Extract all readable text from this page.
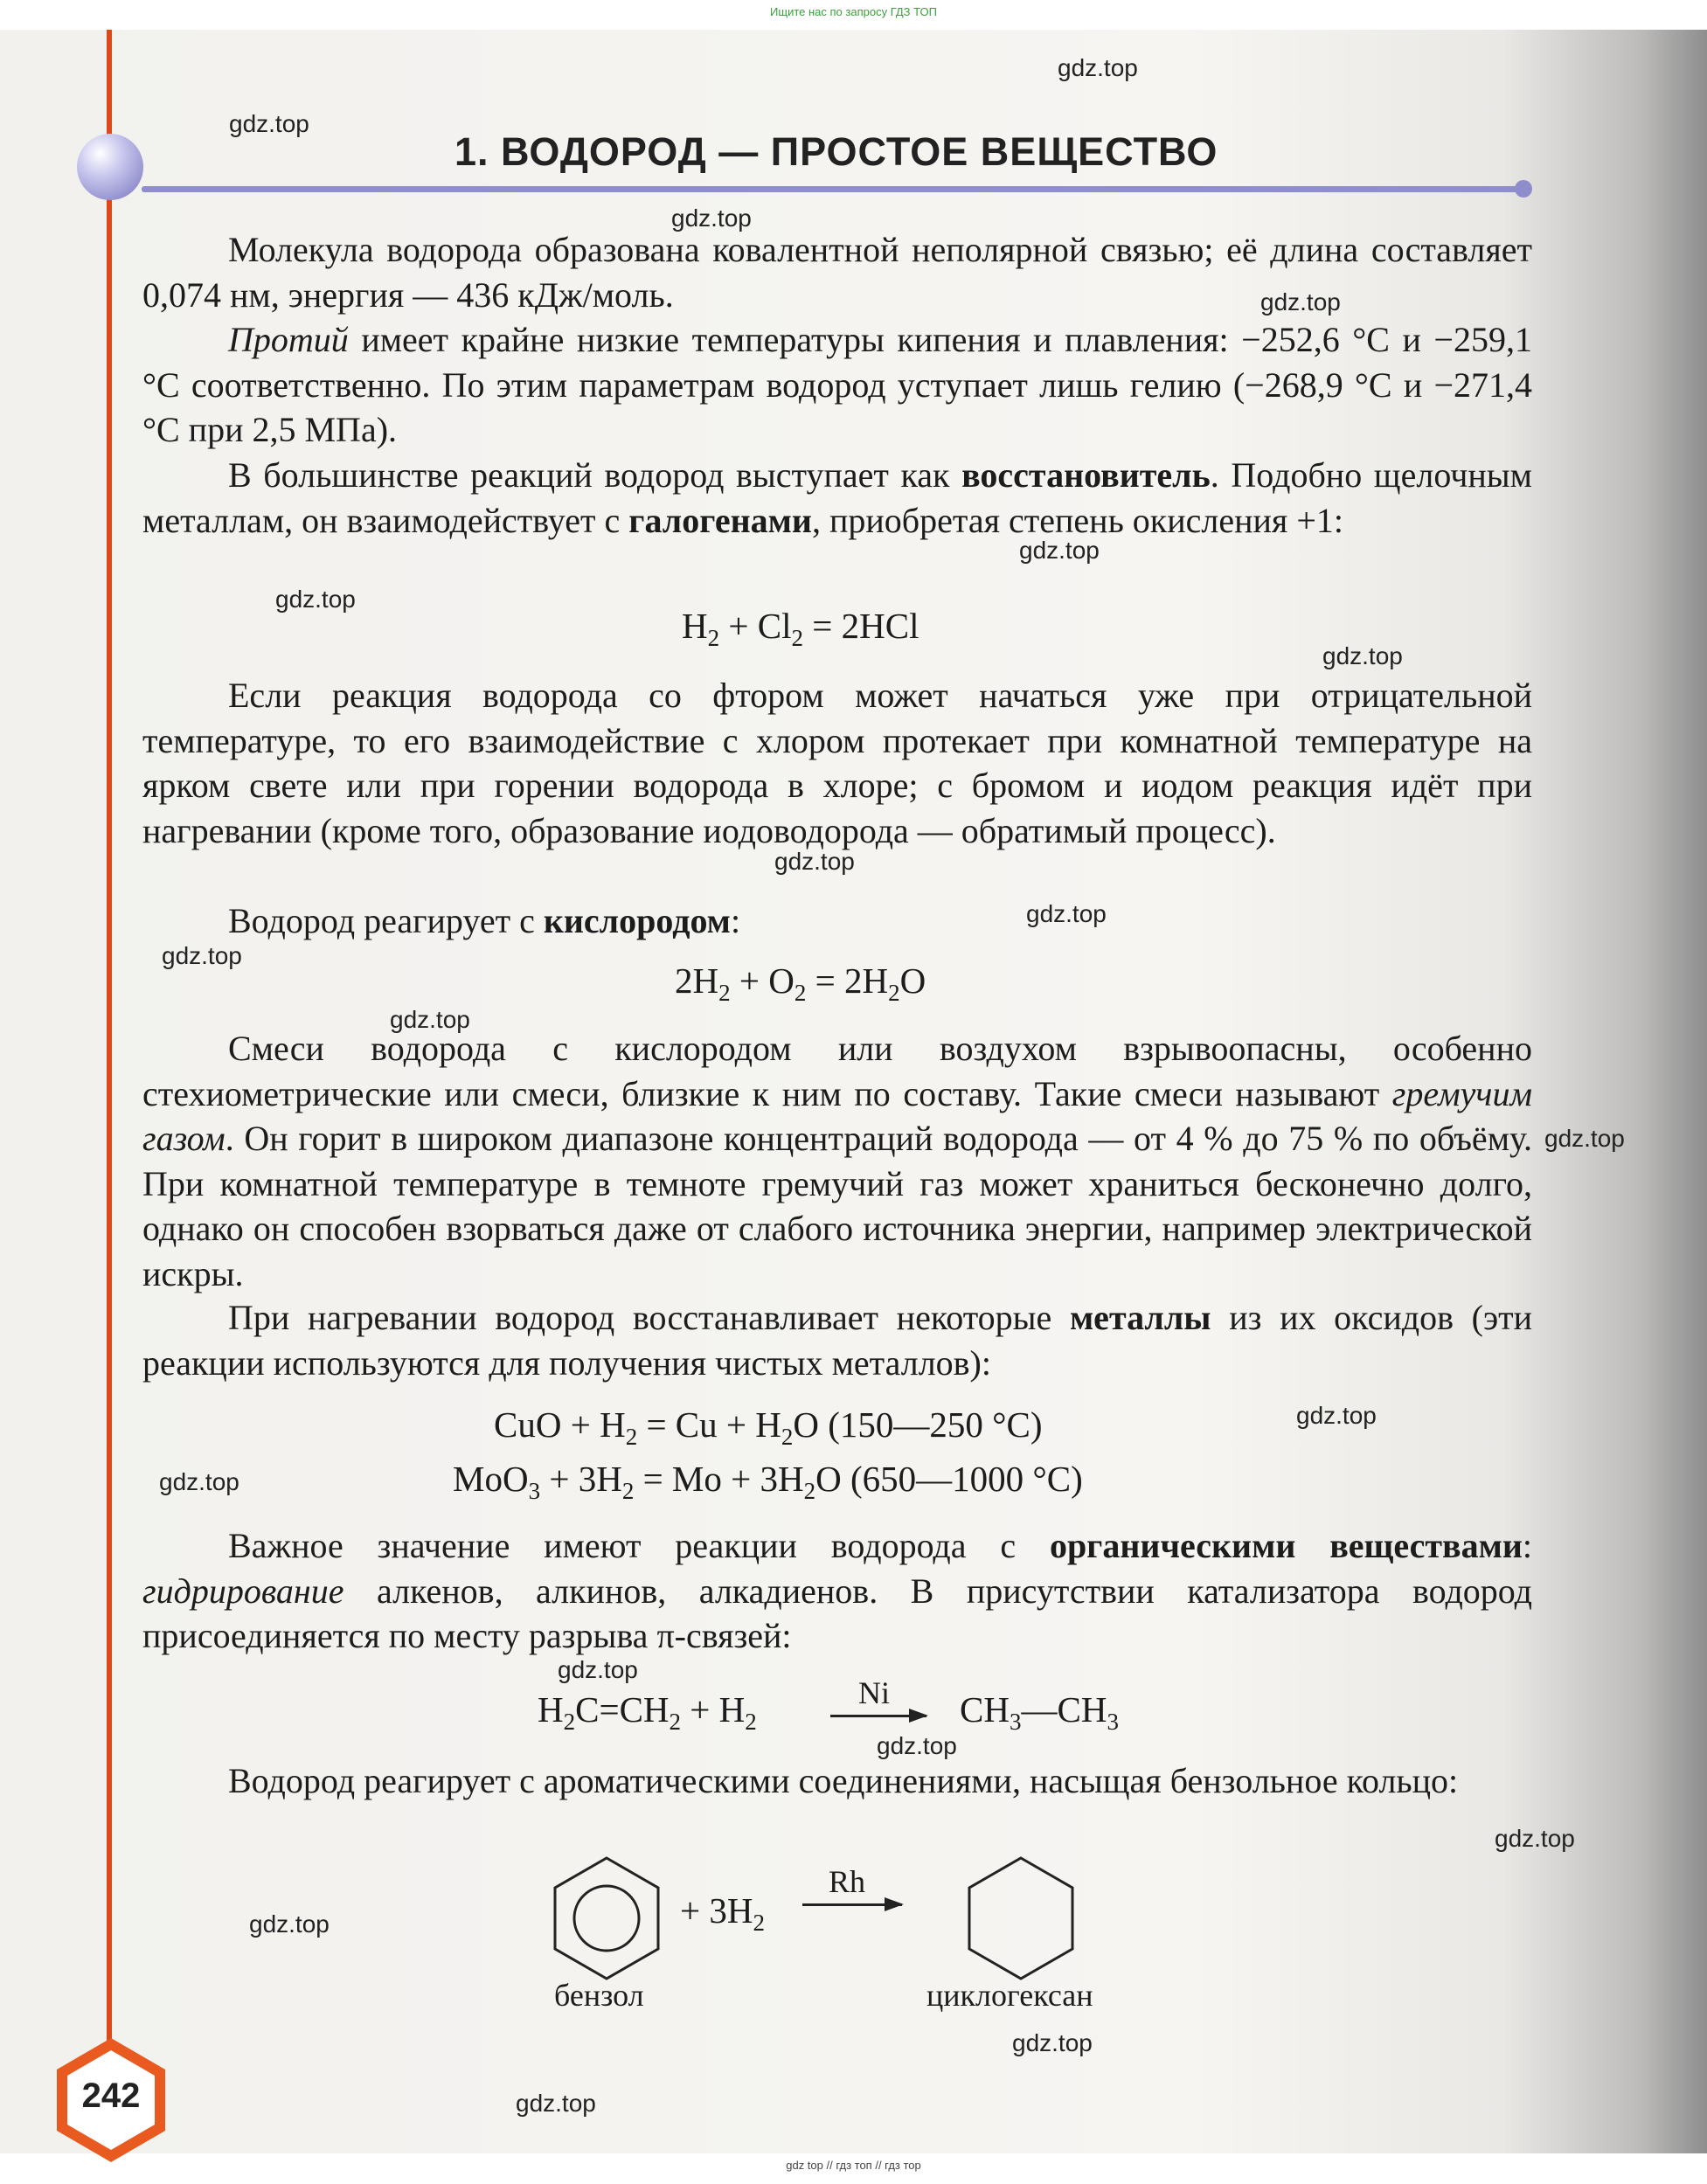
Ищите нас по запросу ГДЗ ТОП
1. ВОДОРОД — ПРОСТОЕ ВЕЩЕСТВО

Молекула водорода образована ковалентной неполярной связью; её длина составляет 0,074 нм, энергия — 436 кДж/моль.

Протий имеет крайне низкие температуры кипения и плавления: −252,6 °С и −259,1 °С соответственно. По этим параметрам водород уступает лишь гелию (−268,9 °С и −271,4 °С при 2,5 МПа).

В большинстве реакций водород выступает как восстановитель. Подобно щелочным металлам, он взаимодействует с галогенами, приобретая степень окисления +1:

$H_2 + Cl_2 = 2HCl$

Если реакция водорода со фтором может начаться уже при отрицательной температуре, то его взаимодействие с хлором протекает при комнатной температуре на ярком свете или при горении водорода в хлоре; с бромом и иодом реакция идёт при нагревании (кроме того, образование иодоводорода — обратимый процесс).

Водород реагирует с кислородом:

$2H_2 + O_2 = 2H_2O$

Смеси водорода с кислородом или воздухом взрывоопасны, особенно стехиометрические или смеси, близкие к ним по составу. Такие смеси называют гремучим газом. Он горит в широком диапазоне концентраций водорода — от 4 % до 75 % по объёму. При комнатной температуре в темноте гремучий газ может храниться бесконечно долго, однако он способен взорваться даже от слабого источника энергии, например электрической искры.

При нагревании водород восстанавливает некоторые металлы из их оксидов (эти реакции используются для получения чистых металлов):

CuO + $H_2 = Cu + H_2O$ (150—250 °С)
$MoO_3 + 3H_2 = Mo + 3H_2O$ (650—1000 °С)

Важное значение имеют реакции водорода с органическими веществами: гидрирование алкенов, алкинов, алкадиенов. В присутствии катализатора водород присоединяется по месту разрыва π-связей:

$H_2C=CH_2 + H_2$
Ni $CH_3—CH_3$

Водород реагирует с ароматическими соединениями, насыщая бензольное кольцо:

+ $3H_2$
Rh
бензол	циклогексан
gdz.top
gdz.top
gdz.top
gdz.top
gdz.top
gdz.top
gdz.top
gdz.top
gdz.top
gdz.top
gdz.top
gdz.top
gdz.top
gdz.top
gdz.top
gdz.top
gdz.top
gdz.top
gdz.top
gdz.top
242
gdz top // гдз топ // гдз тор
